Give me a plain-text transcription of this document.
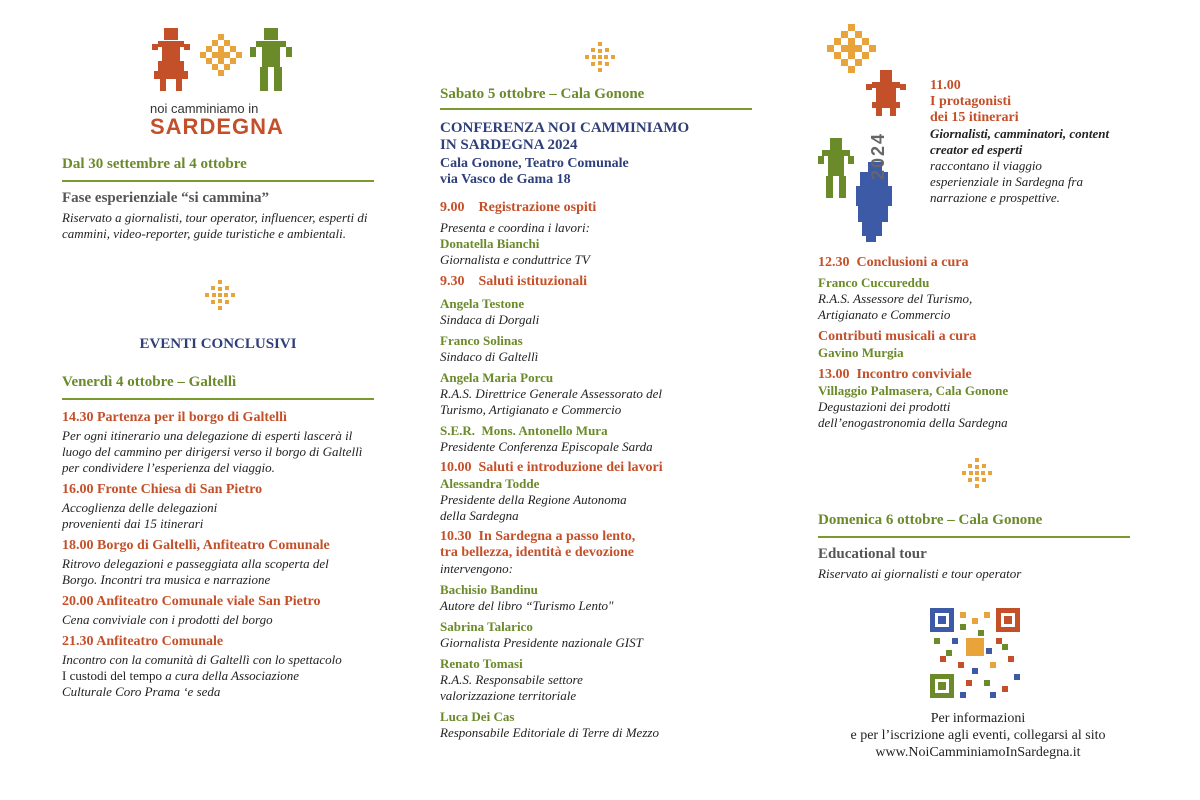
noi camminiamo in
SARDEGNA
Dal 30 settembre al 4 ottobre
Fase esperienziale “si cammina”
Riservato a giornalisti, tour operator, influencer, esperti di cammini, video-reporter, guide turistiche e ambientali.
EVENTI CONCLUSIVI
Venerdì 4 ottobre – Galtellì
14.30 Partenza per il borgo di Galtellì
Per ogni itinerario una delegazione di esperti lascerà il luogo del cammino per dirigersi verso il borgo di Galtellì per condividere l’esperienza del viaggio.
16.00 Fronte Chiesa di San Pietro
Accoglienza delle delegazioni provenienti dai 15 itinerari
18.00 Borgo di Galtellì, Anfiteatro Comunale
Ritrovo delegazioni e passeggiata alla scoperta del Borgo. Incontri tra musica e narrazione
20.00 Anfiteatro Comunale viale San Pietro
Cena conviviale con i prodotti del borgo
21.30 Anfiteatro Comunale
Incontro con la comunità di Galtellì con lo spettacolo
I custodi del tempo a cura della Associazione Culturale Coro Prama ‘e seda
Sabato 5 ottobre – Cala Gonone
CONFERENZA NOI CAMMINIAMO
IN SARDEGNA 2024
Cala Gonone, Teatro Comunale
via Vasco de Gama 18
9.00    Registrazione ospiti
Presenta e coordina i lavori:
Donatella Bianchi
Giornalista e conduttrice TV
9.30    Saluti istituzionali
Angela Testone
Sindaca di Dorgali
Franco Solinas
Sindaco di Galtellì
Angela Maria Porcu
R.A.S. Direttrice Generale Assessorato del Turismo, Artigianato e Commercio
S.E.R.  Mons. Antonello Mura
Presidente Conferenza Episcopale Sarda
10.00  Saluti e introduzione dei lavori
Alessandra Todde
Presidente della Regione Autonoma della Sardegna
10.30  In Sardegna a passo lento,
tra bellezza, identità e devozione
intervengono:
Bachisio Bandinu
Autore del libro “Turismo Lento"
Sabrina Talarico
Giornalista Presidente nazionale GIST
Renato Tomasi
R.A.S. Responsabile settore valorizzazione territoriale
Luca Dei Cas
Responsabile Editoriale di Terre di Mezzo
2024
11.00
I protagonisti
dei 15 itinerari
Giornalisti, camminatori, content creator ed esperti
raccontano il viaggio esperienziale in Sardegna fra narrazione e prospettive.
12.30  Conclusioni a cura
Franco Cuccureddu
R.A.S. Assessore del Turismo, Artigianato e Commercio
Contributi musicali a cura
Gavino Murgia
13.00  Incontro conviviale
Villaggio Palmasera, Cala Gonone
Degustazioni dei prodotti dell’enogastronomia della Sardegna
Domenica 6 ottobre – Cala Gonone
Educational tour
Riservato ai giornalisti e tour operator
Per informazioni
e per l’iscrizione agli eventi, collegarsi al sito
www.NoiCamminiamoInSardegna.it
